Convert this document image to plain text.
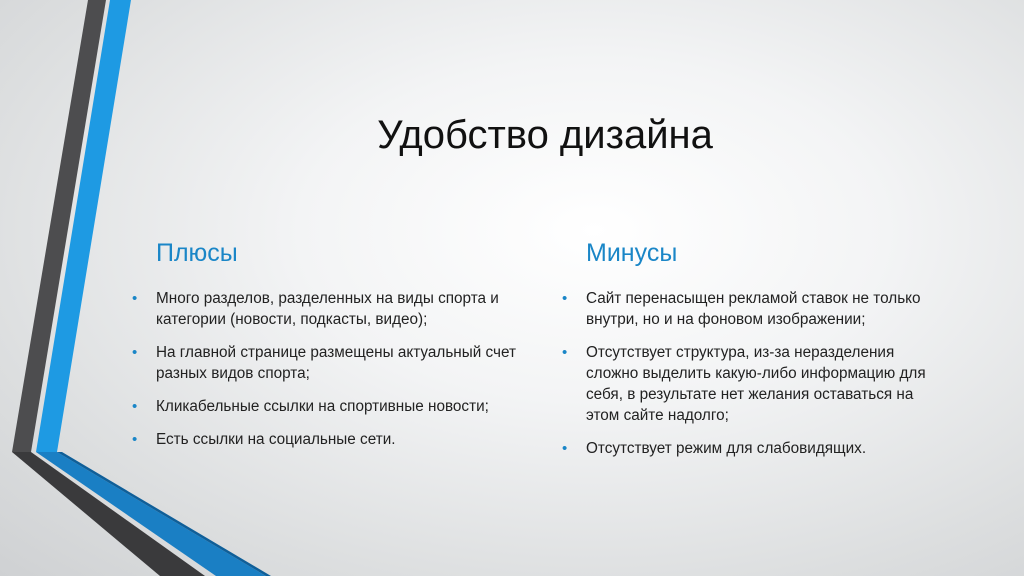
Удобство дизайна
Плюсы
• Много разделов, разделенных на виды спорта и категории (новости, подкасты, видео);
• На главной странице размещены актуальный счет разных видов спорта;
• Кликабельные ссылки на спортивные новости;
• Есть ссылки на социальные сети.
Минусы
• Сайт перенасыщен рекламой ставок не только внутри, но и на фоновом изображении;
• Отсутствует структура, из-за неразделения сложно выделить какую-либо информацию для себя, в результате нет желания оставаться на этом сайте надолго;
• Отсутствует режим для слабовидящих.
